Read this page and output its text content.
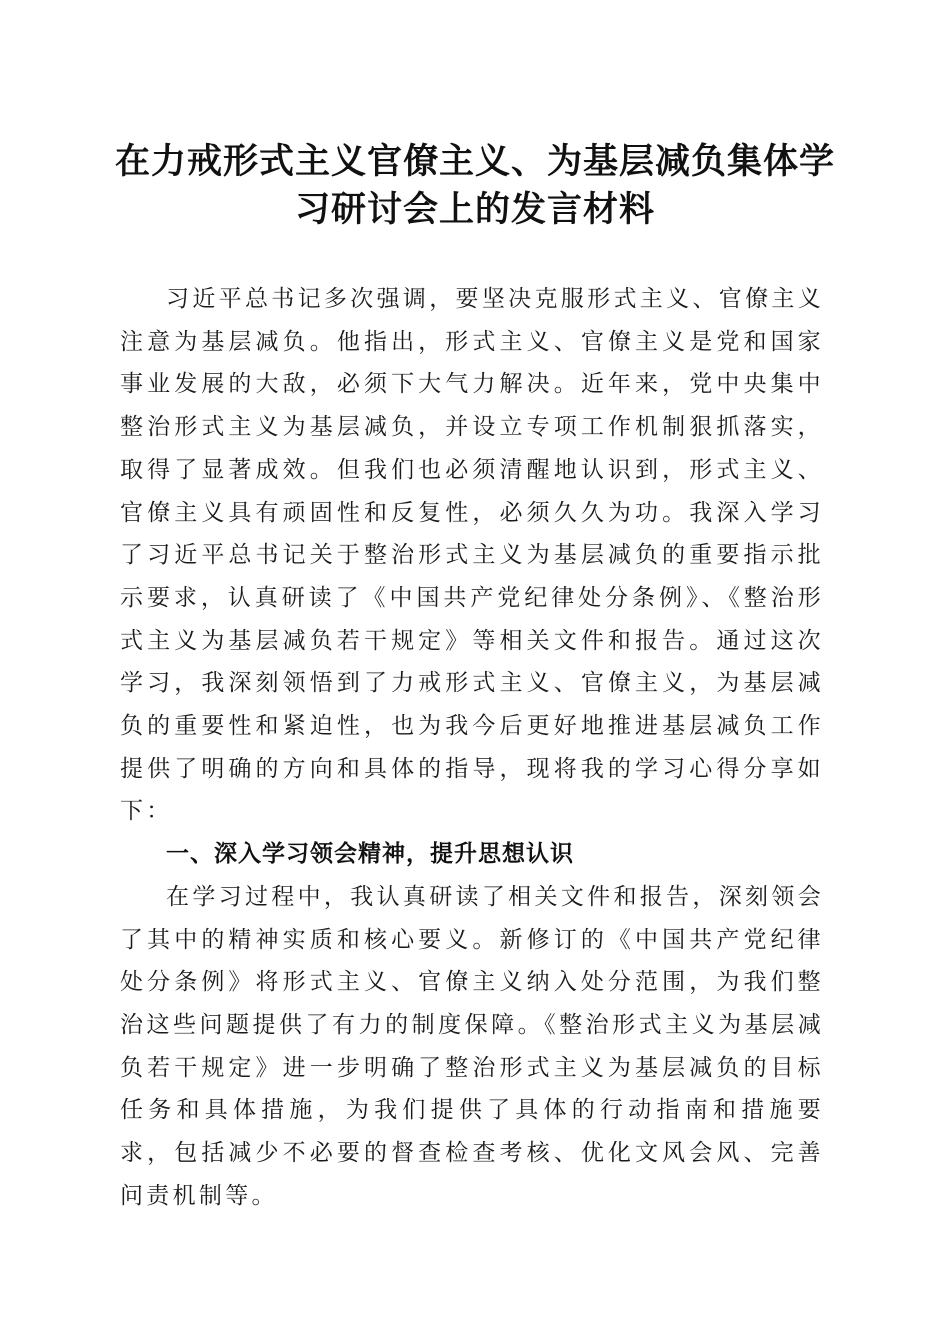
在力戒形式主义官僚主义、为基层减负集体学
习研讨会上的发言材料

习近平总书记多次强调，要坚决克服形式主义、官僚主义注意为基层减负。他指出，形式主义、官僚主义是党和国家事业发展的大敌，必须下大气力解决。近年来，党中央集中整治形式主义为基层减负，并设立专项工作机制狠抓落实，取得了显著成效。但我们也必须清醒地认识到，形式主义、官僚主义具有顽固性和反复性，必须久久为功。我深入学习了习近平总书记关于整治形式主义为基层减负的重要指示批示要求，认真研读了《中国共产党纪律处分条例》、《整治形式主义为基层减负若干规定》等相关文件和报告。通过这次学习，我深刻领悟到了力戒形式主义、官僚主义，为基层减负的重要性和紧迫性，也为我今后更好地推进基层减负工作提供了明确的方向和具体的指导，现将我的学习心得分享如下：

一、深入学习领会精神，提升思想认识

在学习过程中，我认真研读了相关文件和报告，深刻领会了其中的精神实质和核心要义。新修订的《中国共产党纪律处分条例》将形式主义、官僚主义纳入处分范围，为我们整治这些问题提供了有力的制度保障。《整治形式主义为基层减负若干规定》进一步明确了整治形式主义为基层减负的目标任务和具体措施，为我们提供了具体的行动指南和措施要求，包括减少不必要的督查检查考核、优化文风会风、完善问责机制等。
